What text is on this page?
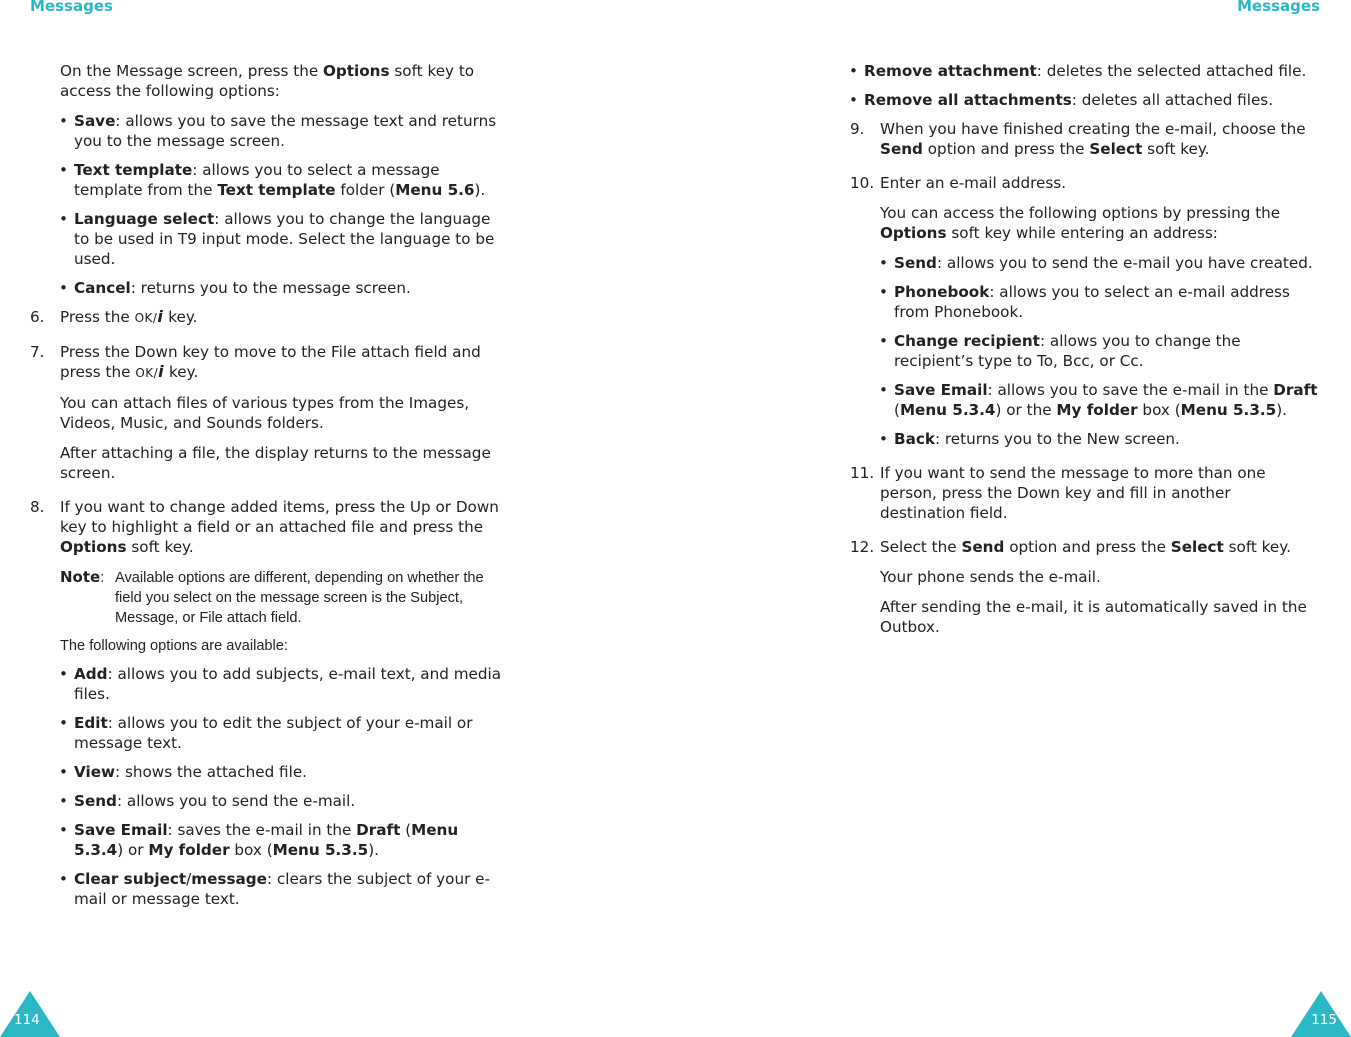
Messages

On the Message screen, press the Options soft key to access the following options:

• Save: allows you to save the message text and returns you to the message screen.

• Text template: allows you to select a message template from the Text template folder (Menu 5.6).

• Language select: allows you to change the language to be used in T9 input mode. Select the language to be used.

• Cancel: returns you to the message screen.

6. Press the OK/i key.

7. Press the Down key to move to the File attach field and press the OK/i key.

You can attach files of various types from the Images, Videos, Music, and Sounds folders.

After attaching a file, the display returns to the message screen.

8. If you want to change added items, press the Up or Down key to highlight a field or an attached file and press the Options soft key.

Note: Available options are different, depending on whether the field you select on the message screen is the Subject, Message, or File attach field.

The following options are available:

• Add: allows you to add subjects, e-mail text, and media files.

• Edit: allows you to edit the subject of your e-mail or message text.

• View: shows the attached file.

• Send: allows you to send the e-mail.

• Save Email: saves the e-mail in the Draft (Menu 5.3.4) or My folder box (Menu 5.3.5).

• Clear subject/message: clears the subject of your e-mail or message text.

114
Messages

• Remove attachment: deletes the selected attached file.

• Remove all attachments: deletes all attached files.

9. When you have finished creating the e-mail, choose the Send option and press the Select soft key.

10. Enter an e-mail address.

You can access the following options by pressing the Options soft key while entering an address:

• Send: allows you to send the e-mail you have created.

• Phonebook: allows you to select an e-mail address from Phonebook.

• Change recipient: allows you to change the recipient’s type to To, Bcc, or Cc.

• Save Email: allows you to save the e-mail in the Draft (Menu 5.3.4) or the My folder box (Menu 5.3.5).

• Back: returns you to the New screen.

11. If you want to send the message to more than one person, press the Down key and fill in another destination field.

12. Select the Send option and press the Select soft key.

Your phone sends the e-mail.

After sending the e-mail, it is automatically saved in the Outbox.

115
